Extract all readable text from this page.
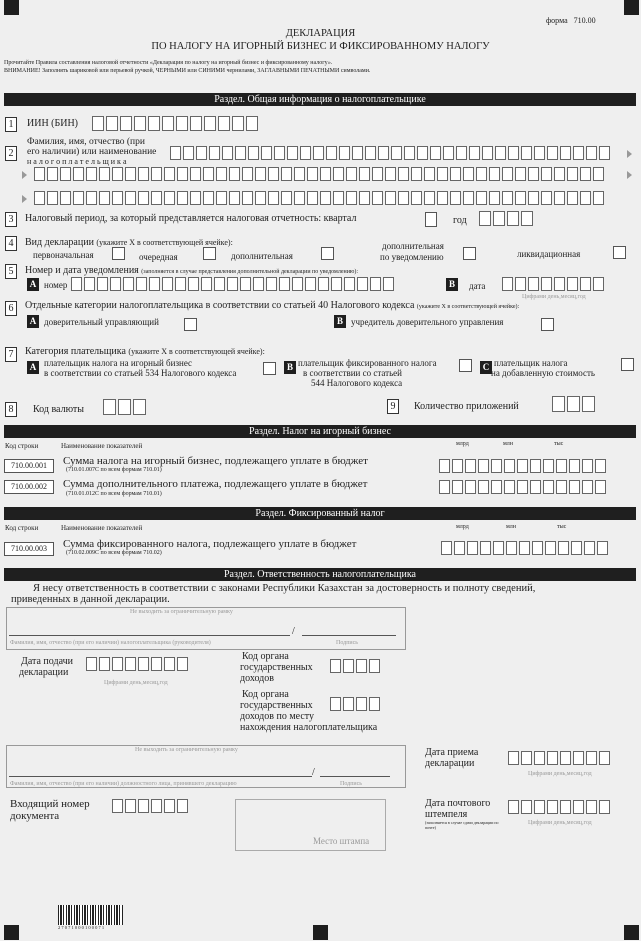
форма   710.00
ДЕКЛАРАЦИЯ
ПО НАЛОГУ НА ИГОРНЫЙ БИЗНЕС И ФИКСИРОВАННОМУ НАЛОГУ
Прочитайте Правила составления налоговой отчетности «Декларация по налогу на игорный бизнес и фиксированному налогу».
ВНИМАНИЕ! Заполнять шариковой или перьевой ручкой, ЧЕРНЫМИ или СИНИМИ чернилами, ЗАГЛАВНЫМИ ПЕЧАТНЫМИ символами.
Раздел. Общая информация о налогоплательщике
1	ИИН (БИН)
2
Фамилия, имя, отчество (при
его наличии) или наименование
н а л о г о п л а т е л ь щ и к а
3	Налоговый период, за который представляется налоговая отчетность: квартал	год
4	Вид декларации (укажите Х в соответствующей ячейке):
первоначальная	очередная	дополнительная
дополнительная
по уведомлению	ликвидационная
5	Номер и дата уведомления (заполняется в случае представления дополнительной декларации по уведомлению):
A номер	B	дата
Цифрами день,месяц,год
6	Отдельные категории налогоплательщика в соответствии со статьей 40 Налогового кодекса (укажите Х в соответствующей ячейке):
A доверительный управляющий	B учредитель доверительного управления
7	Категория плательщика (укажите Х в соответствующей ячейке):
A плательщик налога на игорный бизнес
в соответствии со статьей 534 Налогового кодекса
B плательщик фиксированного налога
в соответствии со статьей
544 Налогового кодекса
C плательщик налога
на добавленную стоимость
8	Код валюты	9	Количество приложений
Раздел. Налог на игорный бизнес
Код строки	Наименование показателей	млрд	млн	тыс
710.00.001	Сумма налога на игорный бизнес, подлежащего уплате в бюджет
(710.01.007С по всем формам 710.01)
710.00.002	Сумма дополнительного платежа, подлежащего уплате в бюджет
(710.01.012С по всем формам 710.01)
Раздел. Фиксированный налог
Код строки	Наименование показателей	млрд	млн	тыс
710.00.003	Сумма фиксированного налога, подлежащего уплате в бюджет
(710.02.009С по всем формам 710.02)
Раздел. Ответственность налогоплательщика
Я несу ответственность в соответствии с законами Республики Казахстан за достоверность и полноту сведений,
приведенных в данной декларации.
Не выходить за ограничительную рамку
/
Фамилия, имя, отчество (при его наличии) налогоплательщика (руководителя)	Подпись
Дата подачи
декларации
Цифрами день,месяц,год
Код органа
государственных
доходов
Код органа
государственных
доходов по месту
нахождения налогоплательщика
Не выходить за ограничительную рамку
/
Фамилия, имя, отчество (при его наличии) должностного лица, принявшего декларацию	Подпись
Дата приема
декларации
Цифрами день,месяц,год
Входящий номер
документа
Место штампа
Дата почтового
штемпеля
(заполняется в случае сдачи декларации по почте)
Цифрами день,месяц,год
2 7 0 7 1 0 0 0 1 0 0 0 7 1
